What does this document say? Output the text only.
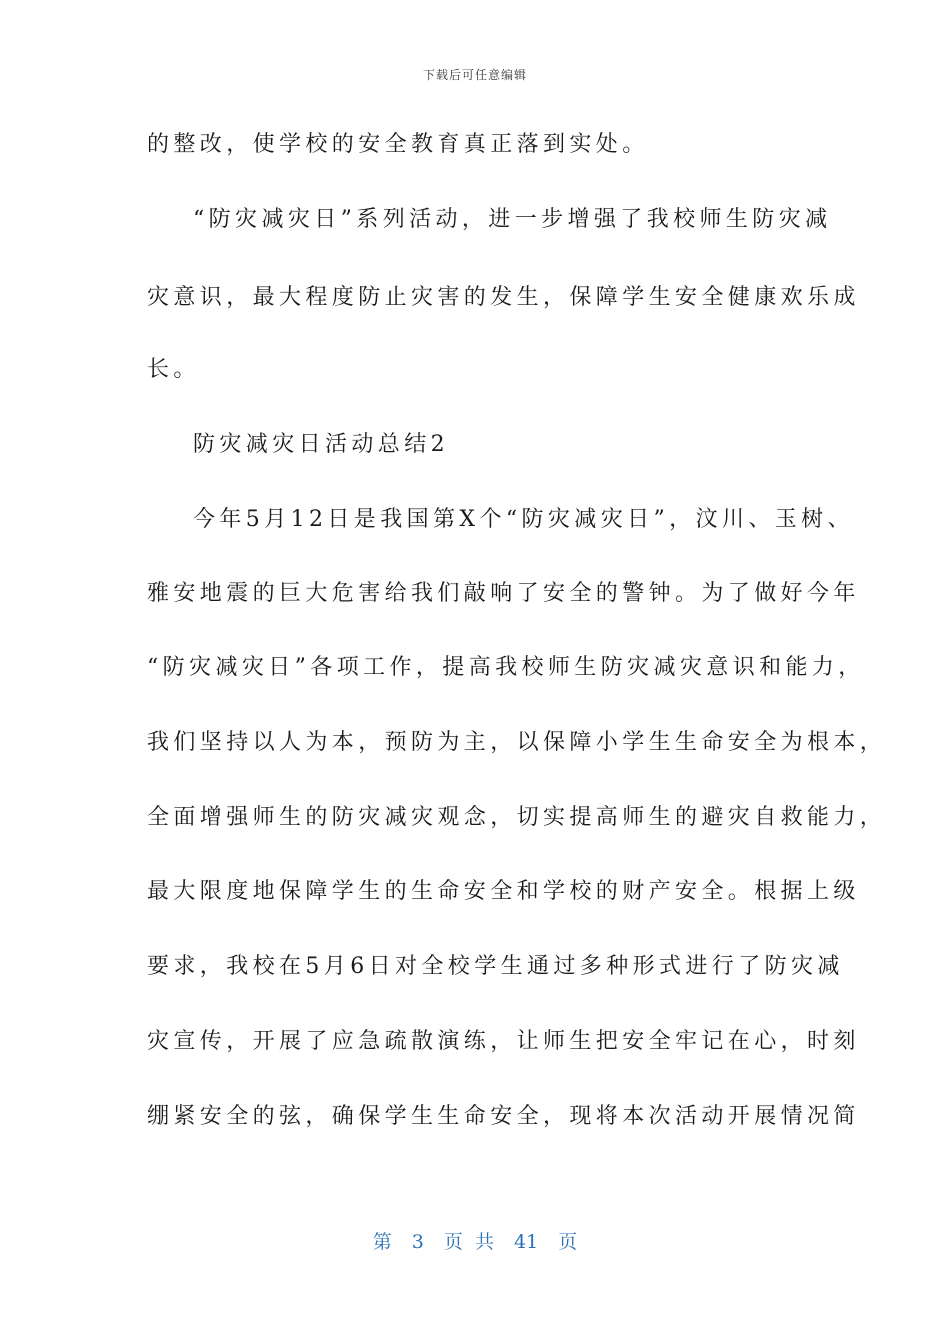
下载后可任意编辑
的整改，使学校的安全教育真正落到实处。
“防灾减灾日”系列活动，进一步增强了我校师生防灾减
灾意识，最大程度防止灾害的发生，保障学生安全健康欢乐成
长。
防灾减灾日活动总结2
今年5月12日是我国第X个“防灾减灾日”，汶川、玉树、
雅安地震的巨大危害给我们敲响了安全的警钟。为了做好今年
“防灾减灾日”各项工作，提高我校师生防灾减灾意识和能力，
我们坚持以人为本，预防为主，以保障小学生生命安全为根本，
全面增强师生的防灾减灾观念，切实提高师生的避灾自救能力，
最大限度地保障学生的生命安全和学校的财产安全。根据上级
要求，我校在5月6日对全校学生通过多种形式进行了防灾减
灾宣传，开展了应急疏散演练，让师生把安全牢记在心，时刻
绷紧安全的弦，确保学生生命安全，现将本次活动开展情况简
第 3 页 共 41 页
